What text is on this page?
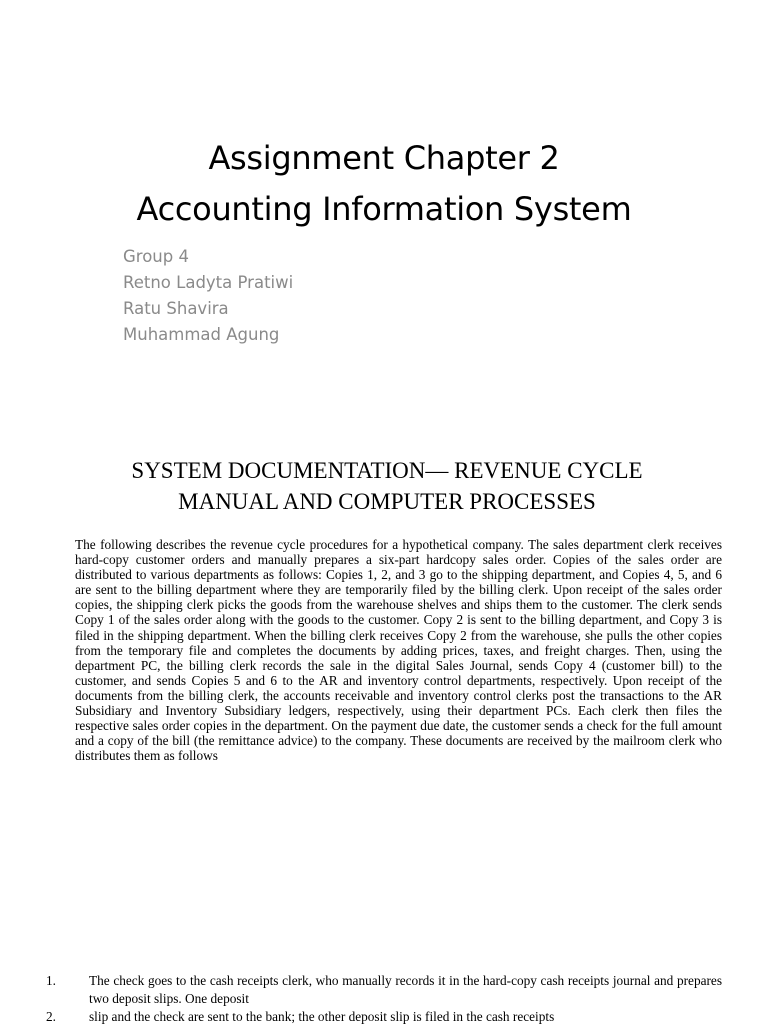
Assignment Chapter 2
Accounting Information System
Group 4
Retno Ladyta Pratiwi
Ratu Shavira
Muhammad Agung
SYSTEM DOCUMENTATION— REVENUE CYCLE
MANUAL AND COMPUTER PROCESSES

The following describes the revenue cycle procedures for a hypothetical company. The sales department clerk receives hard-copy customer orders and manually prepares a six-part hardcopy sales order. Copies of the sales order are distributed to various departments as follows: Copies 1, 2, and 3 go to the shipping department, and Copies 4, 5, and 6 are sent to the billing department where they are temporarily filed by the billing clerk. Upon receipt of the sales order copies, the shipping clerk picks the goods from the warehouse shelves and ships them to the customer. The clerk sends Copy 1 of the sales order along with the goods to the customer. Copy 2 is sent to the billing department, and Copy 3 is filed in the shipping department. When the billing clerk receives Copy 2 from the warehouse, she pulls the other copies from the temporary file and completes the documents by adding prices, taxes, and freight charges. Then, using the department PC, the billing clerk records the sale in the digital Sales Journal, sends Copy 4 (customer bill) to the customer, and sends Copies 5 and 6 to the AR and inventory control departments, respectively. Upon receipt of the documents from the billing clerk, the accounts receivable and inventory control clerks post the transactions to the AR Subsidiary and Inventory Subsidiary ledgers, respectively, using their department PCs. Each clerk then files the respective sales order copies in the department. On the payment due date, the customer sends a check for the full amount and a copy of the bill (the remittance advice) to the company. These documents are received by the mailroom clerk who distributes them as follows

1.	The check goes to the cash receipts clerk, who manually records it in the hard-copy cash receipts journal and prepares two deposit slips. One deposit
2.	slip and the check are sent to the bank; the other deposit slip is filed in the cash receipts
